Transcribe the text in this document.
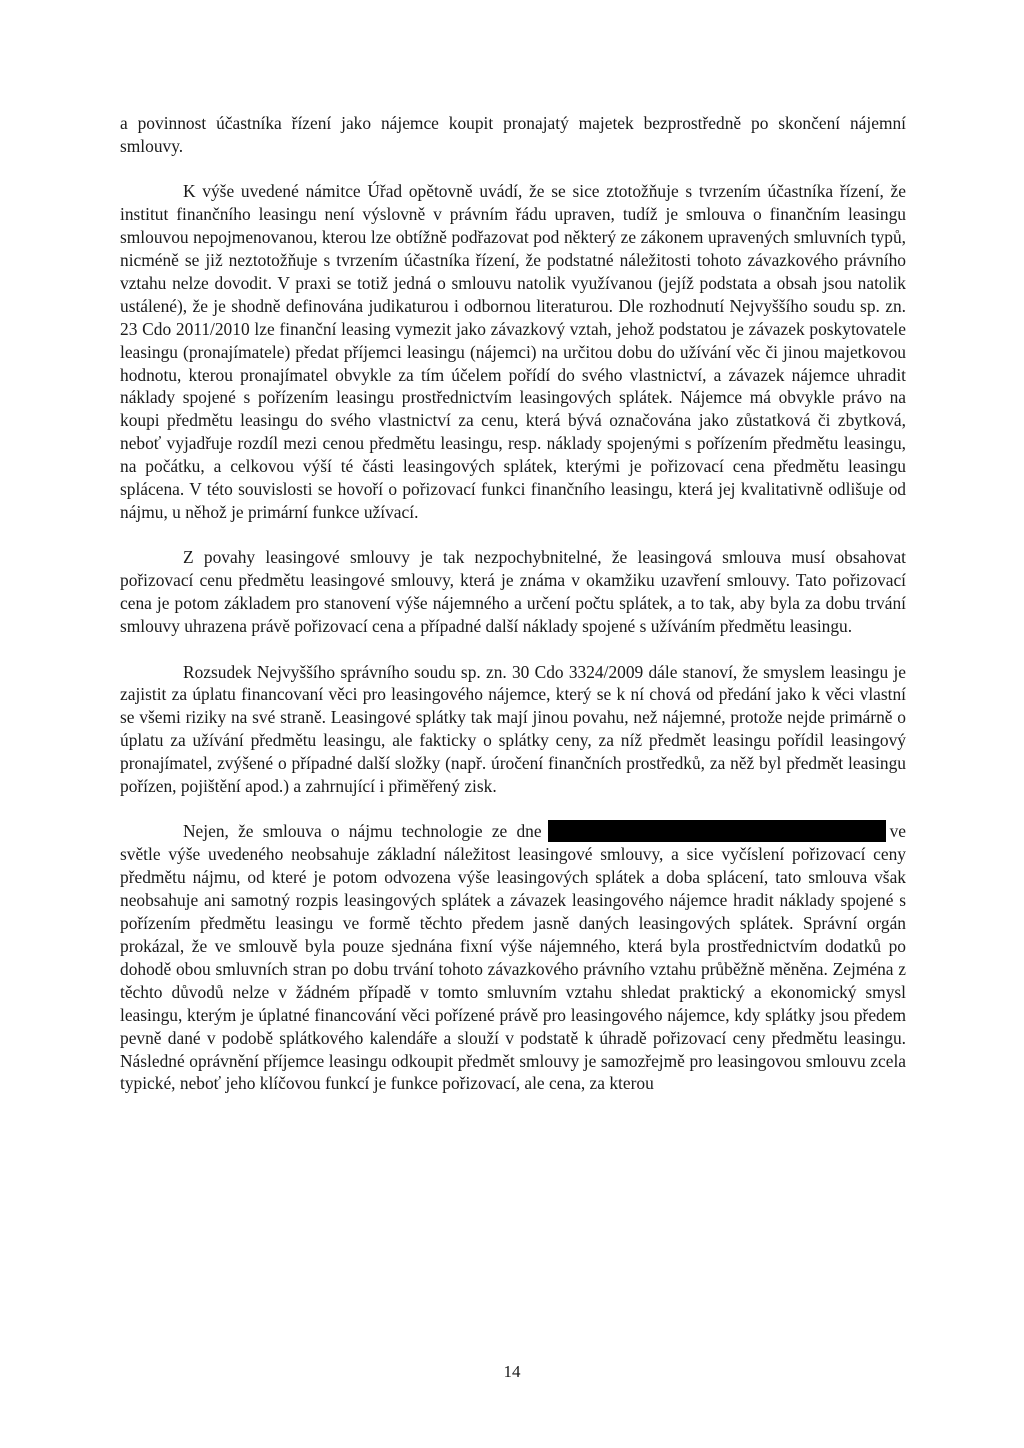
a povinnost účastníka řízení jako nájemce koupit pronajatý majetek bezprostředně po skončení nájemní smlouvy.

K výše uvedené námitce Úřad opětovně uvádí, že se sice ztotožňuje s tvrzením účastníka řízení, že institut finančního leasingu není výslovně v právním řádu upraven, tudíž je smlouva o finančním leasingu smlouvou nepojmenovanou, kterou lze obtížně podřazovat pod některý ze zákonem upravených smluvních typů, nicméně se již neztotožňuje s tvrzením účastníka řízení, že podstatné náležitosti tohoto závazkového právního vztahu nelze dovodit. V praxi se totiž jedná o smlouvu natolik využívanou (jejíž podstata a obsah jsou natolik ustálené), že je shodně definována judikaturou i odbornou literaturou. Dle rozhodnutí Nejvyššího soudu sp. zn. 23 Cdo 2011/2010 lze finanční leasing vymezit jako závazkový vztah, jehož podstatou je závazek poskytovatele leasingu (pronajímatele) předat příjemci leasingu (nájemci) na určitou dobu do užívání věc či jinou majetkovou hodnotu, kterou pronajímatel obvykle za tím účelem pořídí do svého vlastnictví, a závazek nájemce uhradit náklady spojené s pořízením leasingu prostřednictvím leasingových splátek. Nájemce má obvykle právo na koupi předmětu leasingu do svého vlastnictví za cenu, která bývá označována jako zůstatková či zbytková, neboť vyjadřuje rozdíl mezi cenou předmětu leasingu, resp. náklady spojenými s pořízením předmětu leasingu, na počátku, a celkovou výší té části leasingových splátek, kterými je pořizovací cena předmětu leasingu splácena. V této souvislosti se hovoří o pořizovací funkci finančního leasingu, která jej kvalitativně odlišuje od nájmu, u něhož je primární funkce užívací.

Z povahy leasingové smlouvy je tak nezpochybnitelné, že leasingová smlouva musí obsahovat pořizovací cenu předmětu leasingové smlouvy, která je známa v okamžiku uzavření smlouvy. Tato pořizovací cena je potom základem pro stanovení výše nájemného a určení počtu splátek, a to tak, aby byla za dobu trvání smlouvy uhrazena právě pořizovací cena a případné další náklady spojené s užíváním předmětu leasingu.

Rozsudek Nejvyššího správního soudu sp. zn. 30 Cdo 3324/2009 dále stanoví, že smyslem leasingu je zajistit za úplatu financovaní věci pro leasingového nájemce, který se k ní chová od předání jako k věci vlastní se všemi riziky na své straně. Leasingové splátky tak mají jinou povahu, než nájemné, protože nejde primárně o úplatu za užívání předmětu leasingu, ale fakticky o splátky ceny, za níž předmět leasingu pořídil leasingový pronajímatel, zvýšené o případné další složky (např. úročení finančních prostředků, za něž byl předmět leasingu pořízen, pojištění apod.) a zahrnující i přiměřený zisk.

Nejen, že smlouva o nájmu technologie ze dne	ve světle výše uvedeného neobsahuje základní náležitost leasingové smlouvy, a sice vyčíslení pořizovací ceny předmětu nájmu, od které je potom odvozena výše leasingových splátek a doba splácení, tato smlouva však neobsahuje ani samotný rozpis leasingových splátek a závazek leasingového nájemce hradit náklady spojené s pořízením předmětu leasingu ve formě těchto předem jasně daných leasingových splátek. Správní orgán prokázal, že ve smlouvě byla pouze sjednána fixní výše nájemného, která byla prostřednictvím dodatků po dohodě obou smluvních stran po dobu trvání tohoto závazkového právního vztahu průběžně měněna. Zejména z těchto důvodů nelze v žádném případě v tomto smluvním vztahu shledat praktický a ekonomický smysl leasingu, kterým je úplatné financování věci pořízené právě pro leasingového nájemce, kdy splátky jsou předem pevně dané v podobě splátkového kalendáře a slouží v podstatě k úhradě pořizovací ceny předmětu leasingu. Následné oprávnění příjemce leasingu odkoupit předmět smlouvy je samozřejmě pro leasingovou smlouvu zcela typické, neboť jeho klíčovou funkcí je funkce pořizovací, ale cena, za kterou

14
